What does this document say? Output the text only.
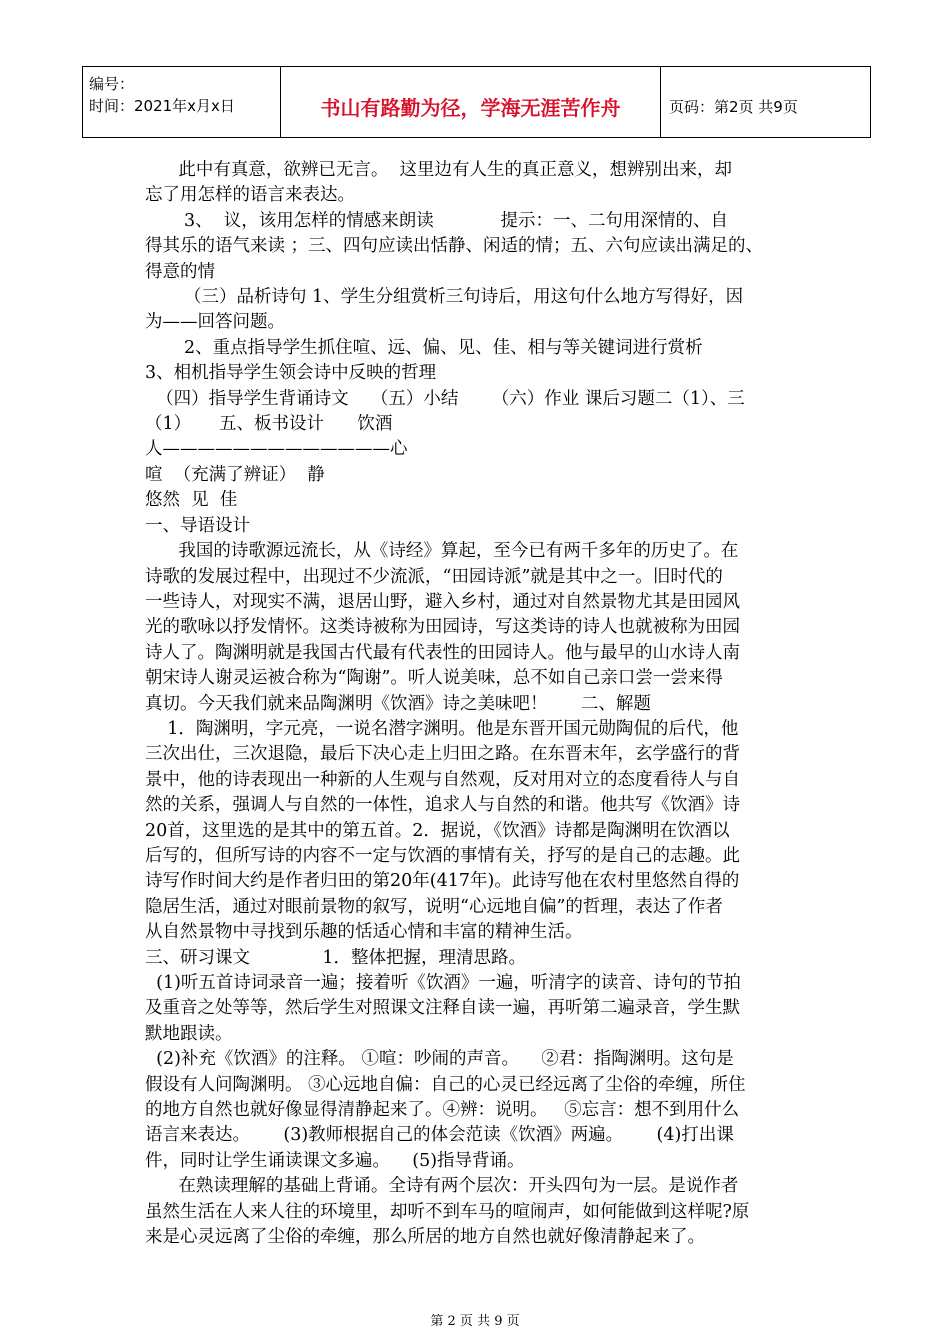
编号：
时间：2021年x月x日	书山有路勤为径，学海无涯苦作舟	页码：第2页 共9页

此中有真意，欲辨已无言。  这里边有人生的真正意义，想辨别出来，却

忘了用怎样的语言来表达。

3、  议，该用怎样的情感来朗读            提示：一、二句用深情的、自

得其乐的语气来读 ；三、四句应读出恬静、闲适的情；五、六句应读出满足的、

得意的情

（三）品析诗句 1、学生分组赏析三句诗后，用这句什么地方写得好，因

为——回答问题。

2、重点指导学生抓住喧、远、偏、见、佳、相与等关键词进行赏析

3、相机指导学生领会诗中反映的哲理

（四）指导学生背诵诗文    （五）小结      （六）作业 课后习题二（1）、三

（1）     五、板书设计      饮酒

人—————————————心

喧  （充满了辨证）  静

悠然  见  佳

一、导语设计

我国的诗歌源远流长，从《诗经》算起，至今已有两千多年的历史了。在

诗歌的发展过程中，出现过不少流派，“田园诗派”就是其中之一。旧时代的

一些诗人，对现实不满，退居山野，避入乡村，通过对自然景物尤其是田园风

光的歌咏以抒发情怀。这类诗被称为田园诗，写这类诗的诗人也就被称为田园

诗人了。陶渊明就是我国古代最有代表性的田园诗人。他与最早的山水诗人南

朝宋诗人谢灵运被合称为“陶谢”。听人说美味，总不如自己亲口尝一尝来得

真切。今天我们就来品陶渊明《饮酒》诗之美味吧！      二、解题

1．陶渊明，字元亮，一说名潜字渊明。他是东晋开国元勋陶侃的后代，他

三次出仕，三次退隐，最后下决心走上归田之路。在东晋末年，玄学盛行的背

景中，他的诗表现出一种新的人生观与自然观，反对用对立的态度看待人与自

然的关系，强调人与自然的一体性，追求人与自然的和谐。他共写《饮酒》诗

20首，这里选的是其中的第五首。2．据说，《饮酒》诗都是陶渊明在饮酒以

后写的，但所写诗的内容不一定与饮酒的事情有关，抒写的是自己的志趣。此

诗写作时间大约是作者归田的第20年(417年)。此诗写他在农村里悠然自得的

隐居生活，通过对眼前景物的叙写，说明“心远地自偏”的哲理，表达了作者

从自然景物中寻找到乐趣的恬适心情和丰富的精神生活。

三、研习课文             1．整体把握，理清思路。

(1)听五首诗词录音一遍；接着听《饮酒》一遍，听清字的读音、诗句的节拍

及重音之处等等，然后学生对照课文注释自读一遍，再听第二遍录音，学生默

默地跟读。

(2)补充《饮酒》的注释。 ①喧：吵闹的声音。    ②君：指陶渊明。这句是

假设有人问陶渊明。 ③心远地自偏：自己的心灵已经远离了尘俗的牵缠，所住

的地方自然也就好像显得清静起来了。④辨：说明。   ⑤忘言：想不到用什么

语言来表达。      (3)教师根据自己的体会范读《饮酒》两遍。      (4)打出课

件，同时让学生诵读课文多遍。    (5)指导背诵。

在熟读理解的基础上背诵。全诗有两个层次：开头四句为一层。是说作者

虽然生活在人来人往的环境里，却听不到车马的喧闹声，如何能做到这样呢?原

来是心灵远离了尘俗的牵缠，那么所居的地方自然也就好像清静起来了。

第 2 页 共 9 页
